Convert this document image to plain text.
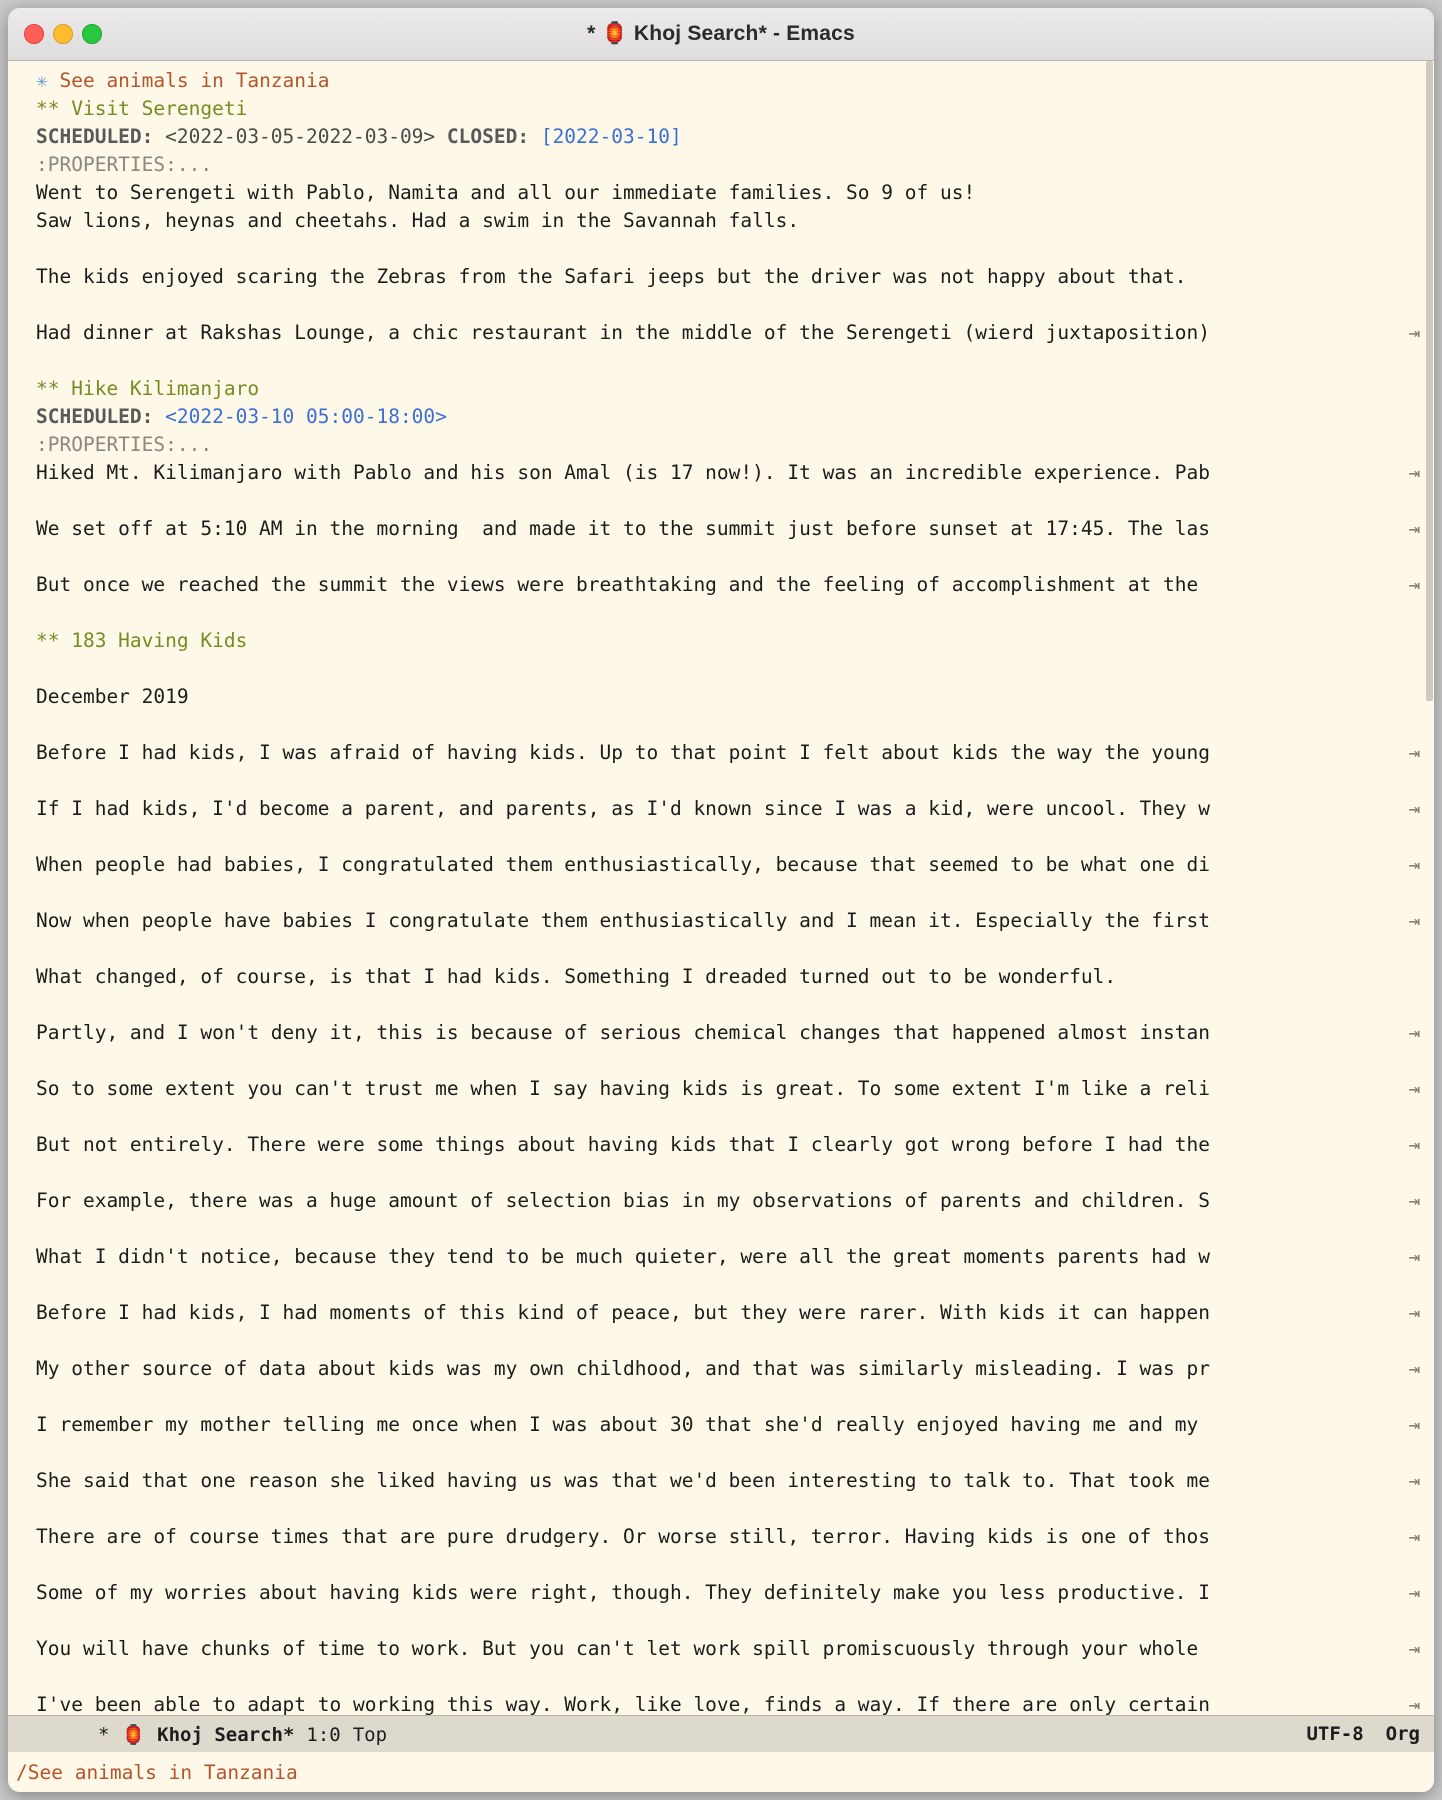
* 🏮 Khoj Search* - Emacs
✳ See animals in Tanzania
** Visit Serengeti
SCHEDULED: <2022-03-05-2022-03-09> CLOSED: [2022-03-10]
:PROPERTIES:...
Went to Serengeti with Pablo, Namita and all our immediate families. So 9 of us!
Saw lions, heynas and cheetahs. Had a swim in the Savannah falls.

The kids enjoyed scaring the Zebras from the Safari jeeps but the driver was not happy about that.

Had dinner at Rakshas Lounge, a chic restaurant in the middle of the Serengeti (wierd juxtaposition)	⇥

** Hike Kilimanjaro
SCHEDULED: <2022-03-10 05:00-18:00>
:PROPERTIES:...
Hiked Mt. Kilimanjaro with Pablo and his son Amal (is 17 now!). It was an incredible experience. Pab	⇥

We set off at 5:10 AM in the morning  and made it to the summit just before sunset at 17:45. The las	⇥

But once we reached the summit the views were breathtaking and the feeling of accomplishment at the	⇥

** 183 Having Kids

December 2019

Before I had kids, I was afraid of having kids. Up to that point I felt about kids the way the young	⇥

If I had kids, I'd become a parent, and parents, as I'd known since I was a kid, were uncool. They w	⇥

When people had babies, I congratulated them enthusiastically, because that seemed to be what one di	⇥

Now when people have babies I congratulate them enthusiastically and I mean it. Especially the first	⇥

What changed, of course, is that I had kids. Something I dreaded turned out to be wonderful.

Partly, and I won't deny it, this is because of serious chemical changes that happened almost instan	⇥

So to some extent you can't trust me when I say having kids is great. To some extent I'm like a reli	⇥

But not entirely. There were some things about having kids that I clearly got wrong before I had the	⇥

For example, there was a huge amount of selection bias in my observations of parents and children. S	⇥

What I didn't notice, because they tend to be much quieter, were all the great moments parents had w	⇥

Before I had kids, I had moments of this kind of peace, but they were rarer. With kids it can happen	⇥

My other source of data about kids was my own childhood, and that was similarly misleading. I was pr	⇥

I remember my mother telling me once when I was about 30 that she'd really enjoyed having me and my	⇥

She said that one reason she liked having us was that we'd been interesting to talk to. That took me	⇥

There are of course times that are pure drudgery. Or worse still, terror. Having kids is one of thos	⇥

Some of my worries about having kids were right, though. They definitely make you less productive. I	⇥

You will have chunks of time to work. But you can't let work spill promiscuously through your whole	⇥

I've been able to adapt to working this way. Work, like love, finds a way. If there are only certain	⇥
* 🏮 Khoj Search* 1:0 Top	UTF-8 Org
/See animals in Tanzania
